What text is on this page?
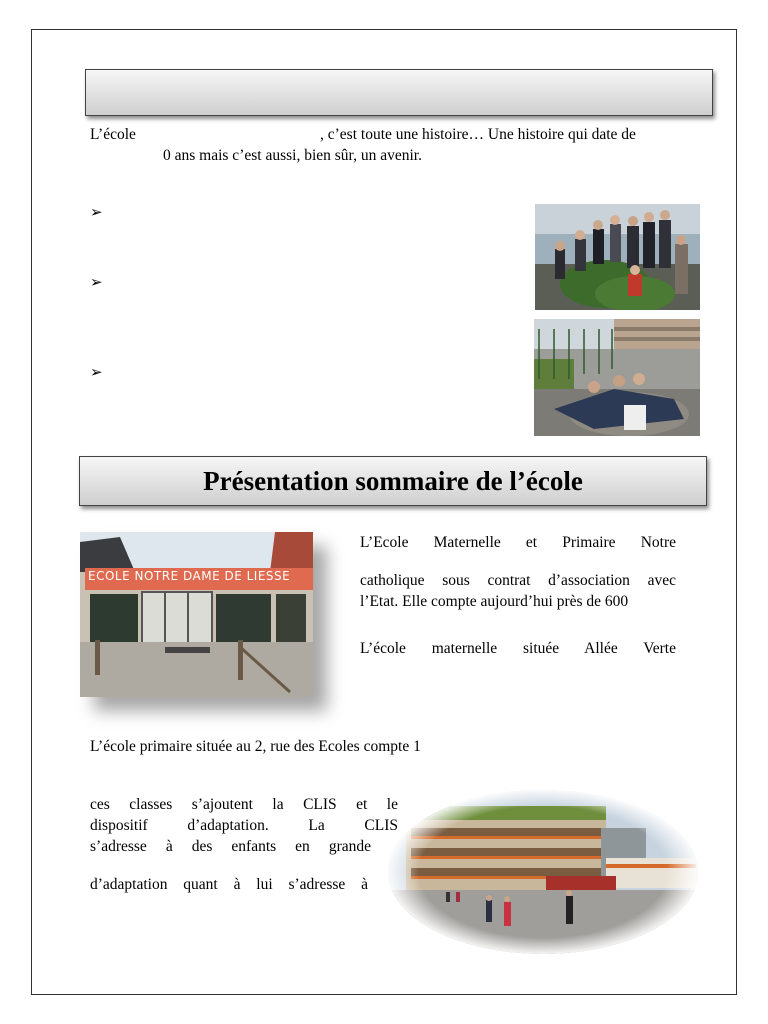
L’école	, c’est toute une histoire… Une histoire qui date de
0 ans mais c’est aussi, bien sûr, un avenir.
➢
➢
➢
Présentation sommaire de l’école
ECOLE NOTRE DAME DE LIESSE
L’Ecole Maternelle et Primaire Notre
catholique sous contrat d’association avec
l’Etat. Elle compte aujourd’hui près de 600
L’école maternelle située Allée Verte
L’école primaire située au 2, rue des Ecoles compte 1
ces classes s’ajoutent la CLIS et le
dispositif d’adaptation. La CLIS
s’adresse à des enfants en grande
d’adaptation quant à lui s’adresse à
